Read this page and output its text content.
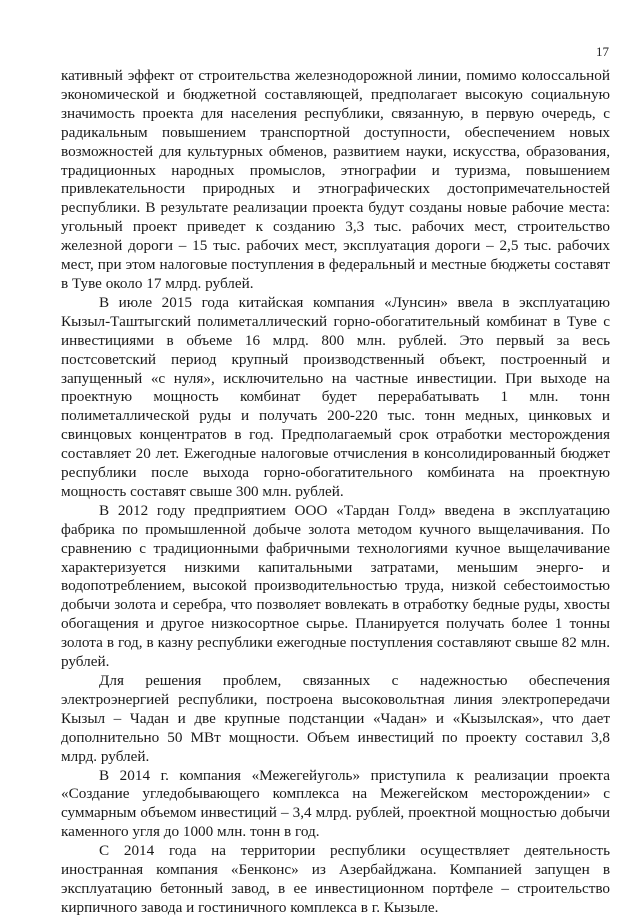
17

кативный эффект от строительства железнодорожной линии, помимо колоссальной экономической и бюджетной составляющей, предполагает высокую социальную значимость проекта для населения республики, связанную, в первую очередь, с радикальным повышением транспортной доступности, обеспечением новых возможностей для культурных обменов, развитием науки, искусства, образования, традиционных народных промыслов, этнографии и туризма, повышением привлекательности природных и этнографических достопримечательностей республики. В результате реализации проекта будут созданы новые рабочие места: угольный проект приведет к созданию 3,3 тыс. рабочих мест, строительство железной дороги – 15 тыс. рабочих мест, эксплуатация дороги – 2,5 тыс. рабочих мест, при этом налоговые поступления в федеральный и местные бюджеты составят в Туве около 17 млрд. рублей.

В июле 2015 года китайская компания «Лунсин» ввела в эксплуатацию Кызыл-Таштыгский полиметаллический горно-обогатительный комбинат в Туве с инвестициями в объеме 16 млрд. 800 млн. рублей. Это первый за весь постсоветский период крупный производственный объект, построенный и запущенный «с нуля», исключительно на частные инвестиции. При выходе на проектную мощность комбинат будет перерабатывать 1 млн. тонн полиметаллической руды и получать 200-220 тыс. тонн медных, цинковых и свинцовых концентратов в год. Предполагаемый срок отработки месторождения составляет 20 лет. Ежегодные налоговые отчисления в консолидированный бюджет республики после выхода горно-обогатительного комбината на проектную мощность составят свыше 300 млн. рублей.

В 2012 году предприятием ООО «Тардан Голд» введена в эксплуатацию фабрика по промышленной добыче золота методом кучного выщелачивания. По сравнению с традиционными фабричными технологиями кучное выщелачивание характеризуется низкими капитальными затратами, меньшим энерго- и водопотреблением, высокой производительностью труда, низкой себестоимостью добычи золота и серебра, что позволяет вовлекать в отработку бедные руды, хвосты обогащения и другое низкосортное сырье. Планируется получать более 1 тонны золота в год, в казну республики ежегодные поступления составляют свыше 82 млн. рублей.

Для решения проблем, связанных с надежностью обеспечения электроэнергией республики, построена высоковольтная линия электропередачи Кызыл – Чадан и две крупные подстанции «Чадан» и «Кызылская», что дает дополнительно 50 МВт мощности. Объем инвестиций по проекту составил 3,8 млрд. рублей.

В 2014 г. компания «Межегейуголь» приступила к реализации проекта «Создание угледобывающего комплекса на Межегейском месторождении» с суммарным объемом инвестиций – 3,4 млрд. рублей, проектной мощностью добычи каменного угля до 1000 млн. тонн в год.

С 2014 года на территории республики осуществляет деятельность иностранная компания «Бенконс» из Азербайджана. Компанией запущен в эксплуатацию бетонный завод, в ее инвестиционном портфеле – строительство кирпичного завода и гостиничного комплекса в г. Кызыле.
